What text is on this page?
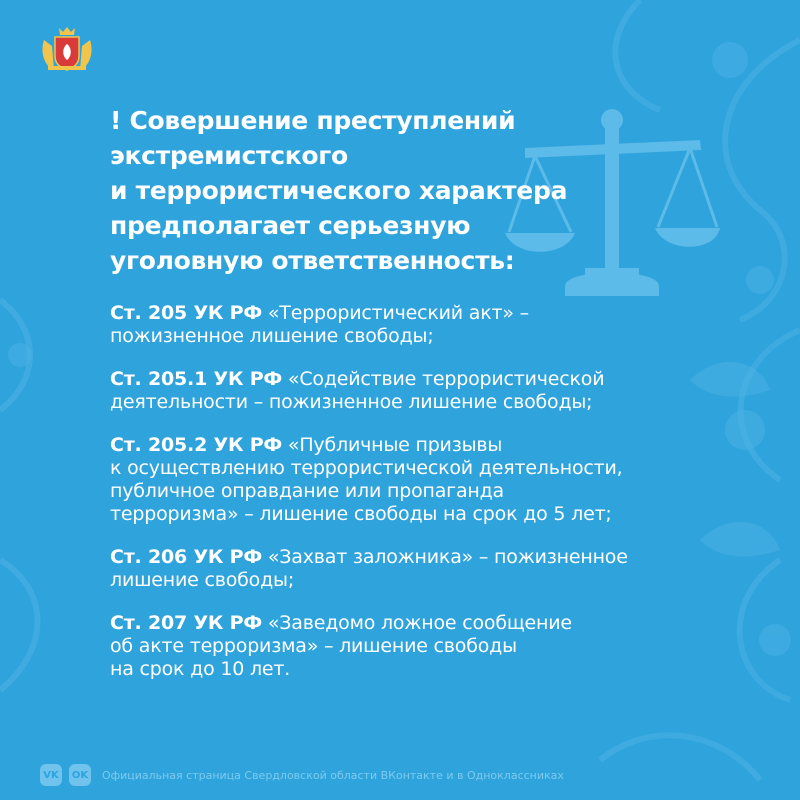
! Совершение преступлений
экстремистского
и террористического характера
предполагает серьезную
уголовную ответственность:

Ст. 205 УК РФ «Террористический акт» –
пожизненное лишение свободы;

Ст. 205.1 УК РФ «Содействие террористической
деятельности – пожизненное лишение свободы;

Ст. 205.2 УК РФ «Публичные призывы
к осуществлению террористической деятельности,
публичное оправдание или пропаганда
терроризма» – лишение свободы на срок до 5 лет;

Ст. 206 УК РФ «Захват заложника» – пожизненное
лишение свободы;

Ст. 207 УК РФ «Заведомо ложное сообщение
об акте терроризма» – лишение свободы
на срок до 10 лет.

VK	OK Официальная страница Свердловской области ВКонтакте и в Одноклассниках
